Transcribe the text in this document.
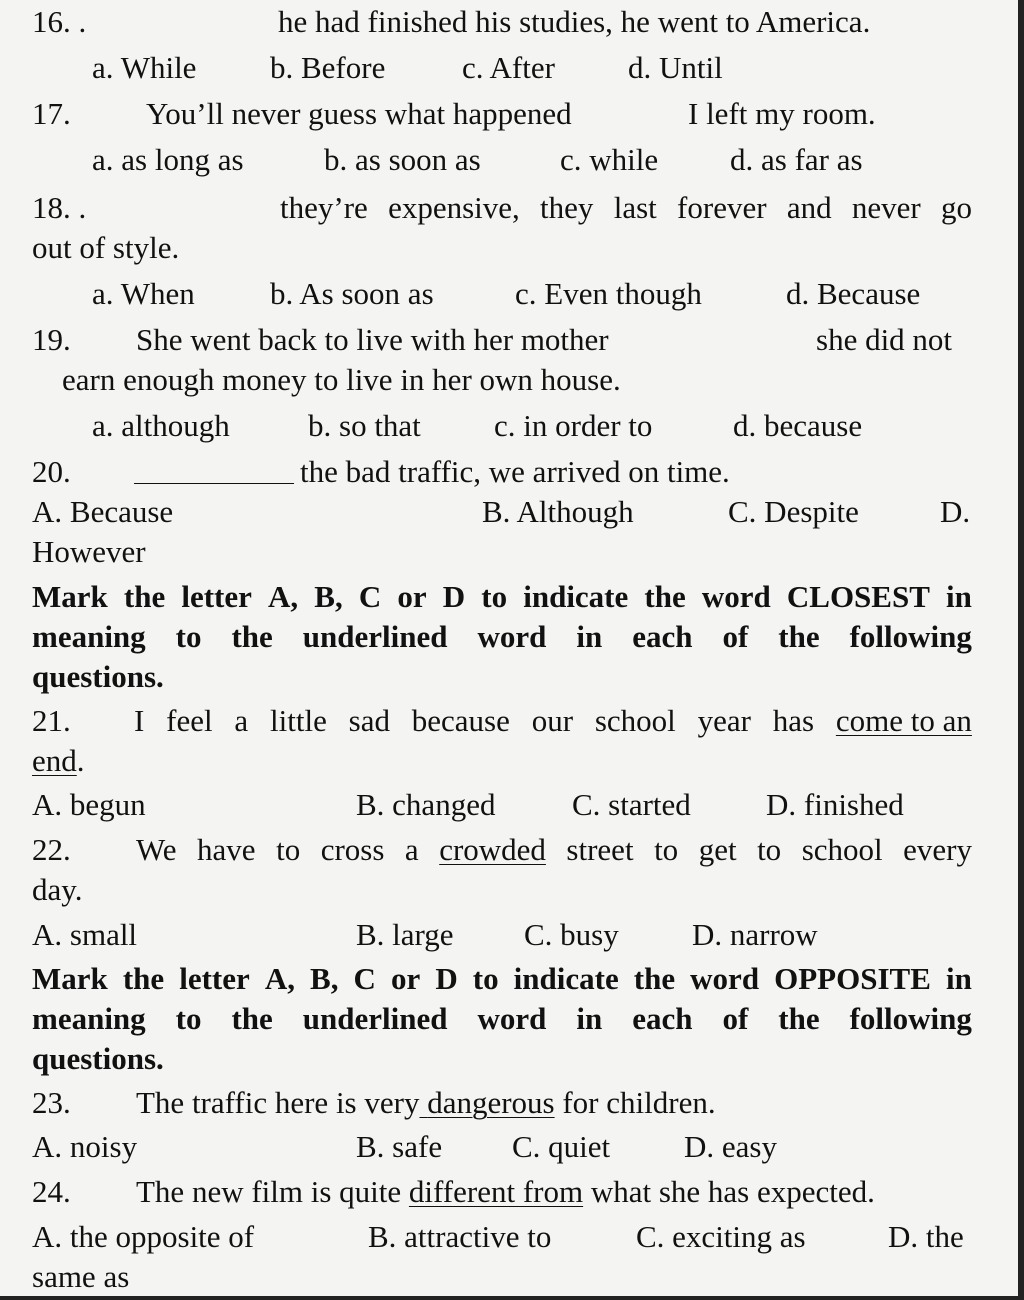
16. .	he had finished his studies, he went to America.
a. While b. Before c. After d. Until
17. You’ll never guess what happened	I left my room.
a. as long as	b. as soon as	c. while d. as far as
18. .	they’re expensive, they last forever and never go
out of style.
a. When b. As soon as	c. Even though	d. Because
19. She went back to live with her mother	she did not
earn enough money to live in her own house.
a. although	b. so that c. in order to	d. because
20.	the bad traffic, we arrived on time.
A. Because	B. Although	C. Despite	D.
However
Mark the letter A, B, C or D to indicate the word CLOSEST in
meaning to the underlined word in each of the following
questions.
21. I feel a little sad because our school year has come to an
end.
A. begun	B. changed C. started D. finished
22. We have to cross a crowded street to get to school every
day.
A. small	B. large C. busy D. narrow
Mark the letter A, B, C or D to indicate the word OPPOSITE in
meaning to the underlined word in each of the following
questions.
23. The traffic here is very dangerous for children.
A. noisy	B. safe C. quiet D. easy
24. The new film is quite different from what she has expected.
A. the opposite of	B. attractive to	C. exciting as	D. the
same as
